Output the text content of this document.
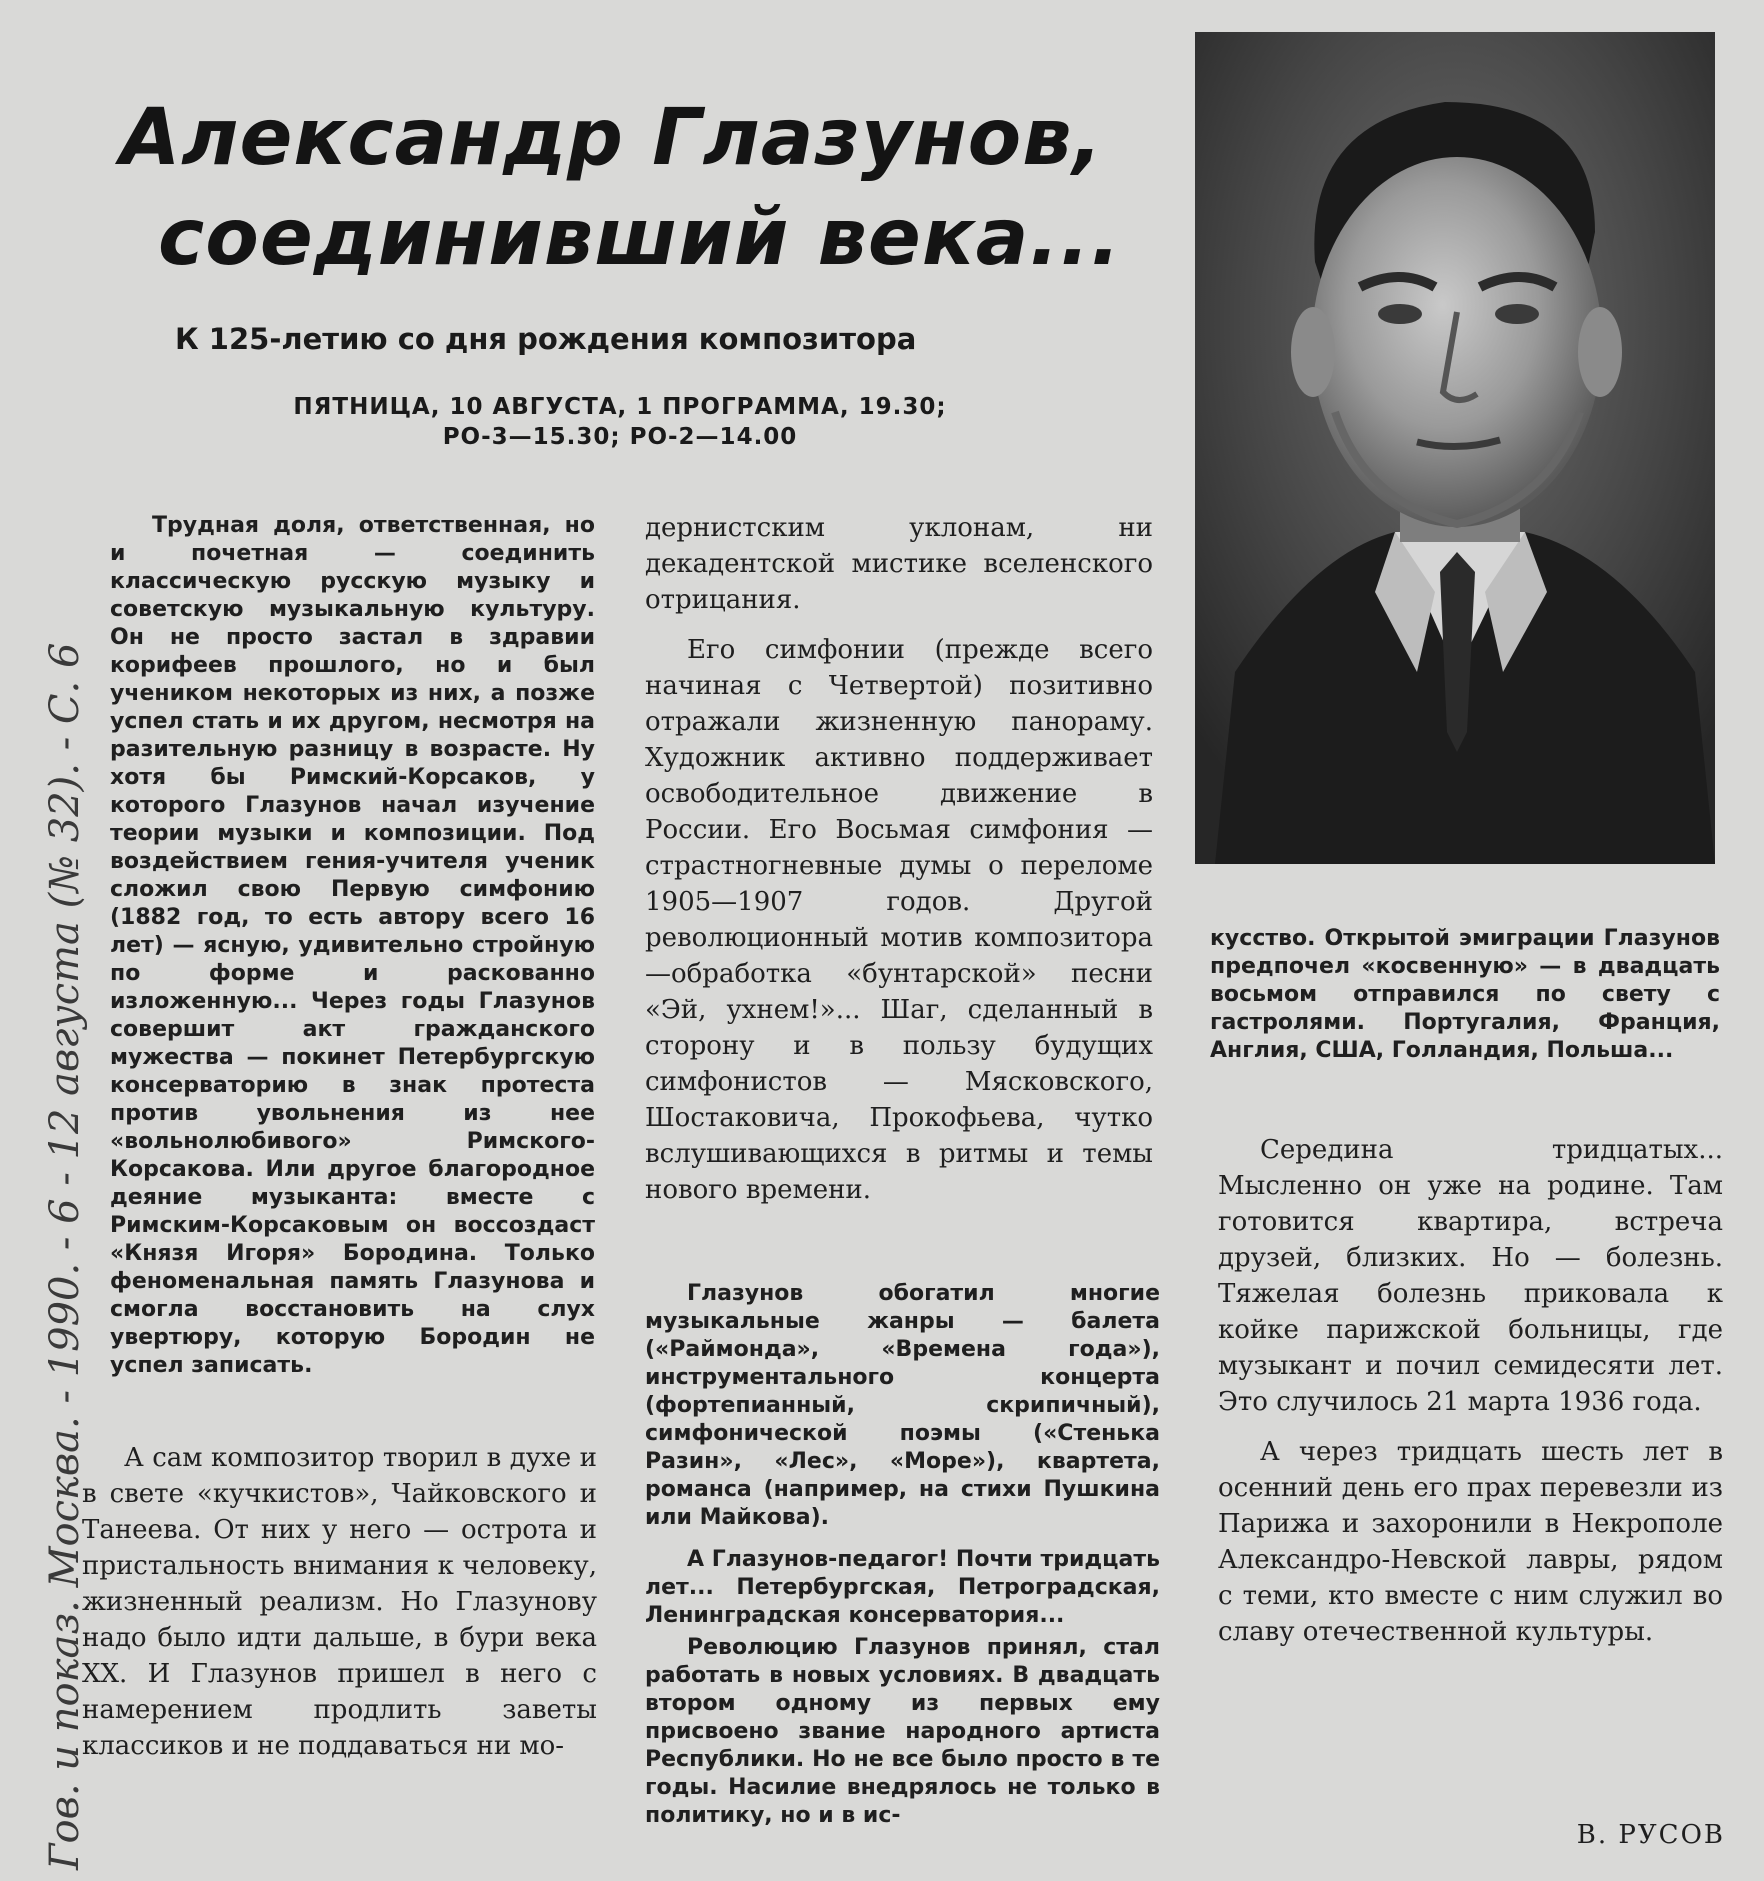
Александр Глазунов,
соединивший века...
К 125-летию со дня рождения композитора
ПЯТНИЦА, 10 АВГУСТА, 1 ПРОГРАММА, 19.30;
РО-3—15.30; РО-2—14.00
Гов. и показ. Москва. - 1990. - 6 - 12 августа (№ 32). - С. 6

Трудная доля, ответственная, но и почетная — соединить классическую русскую музыку и советскую музыкальную культуру. Он не просто застал в здравии корифеев прошлого, но и был учеником некоторых из них, а позже успел стать и их другом, несмотря на разительную разницу в возрасте. Ну хотя бы Римский-Корсаков, у которого Глазунов начал изучение теории музыки и композиции. Под воздействием гения-учителя ученик сложил свою Первую симфонию (1882 год, то есть автору всего 16 лет) — ясную, удивительно стройную по форме и раскованно изложенную... Через годы Глазунов совершит акт гражданского мужества — покинет Петербургскую консерваторию в знак протеста против увольнения из нее «вольнолюбивого» Римского-Корсакова. Или другое благородное деяние музыканта: вместе с Римским-Корсаковым он воссоздаст «Князя Игоря» Бородина. Только феноменальная память Глазунова и смогла восстановить на слух увертюру, которую Бородин не успел записать.

А сам композитор творил в духе и в свете «кучкистов», Чайковского и Танеева. От них у него — острота и пристальность внимания к человеку, жизненный реализм. Но Глазунову надо было идти дальше, в бури века XX. И Глазунов пришел в него с намерением продлить заветы классиков и не поддаваться ни мо-

дернистским уклонам, ни декадентской мистике вселенского отрицания.

Его симфонии (прежде всего начиная с Четвертой) позитивно отражали жизненную панораму. Художник активно поддерживает освободительное движение в России. Его Восьмая симфония — страстногневные думы о переломе 1905—1907 годов. Другой революционный мотив композитора—обработка «бунтарской» песни «Эй, ухнем!»... Шаг, сделанный в сторону и в пользу будущих симфонистов — Мясковского, Шостаковича, Прокофьева, чутко вслушивающихся в ритмы и темы нового времени.

Глазунов обогатил многие музыкальные жанры — балета («Раймонда», «Времена года»), инструментального концерта (фортепианный, скрипичный), симфонической поэмы («Стенька Разин», «Лес», «Море»), квартета, романса (например, на стихи Пушкина или Майкова).

А Глазунов-педагог! Почти тридцать лет... Петербургская, Петроградская, Ленинградская консерватория...

Революцию Глазунов принял, стал работать в новых условиях. В двадцать втором одному из первых ему присвоено звание народного артиста Республики. Но не все было просто в те годы. Насилие внедрялось не только в политику, но и в ис-

кусство. Открытой эмиграции Глазунов предпочел «косвенную» — в двадцать восьмом отправился по свету с гастролями. Португалия, Франция, Англия, США, Голландия, Польша...

Середина тридцатых... Мысленно он уже на родине. Там готовится квартира, встреча друзей, близких. Но — болезнь. Тяжелая болезнь приковала к койке парижской больницы, где музыкант и почил семидесяти лет. Это случилось 21 марта 1936 года.

А через тридцать шесть лет в осенний день его прах перевезли из Парижа и захоронили в Некрополе Александро-Невской лавры, рядом с теми, кто вместе с ним служил во славу отечественной культуры.

В. РУСОВ
